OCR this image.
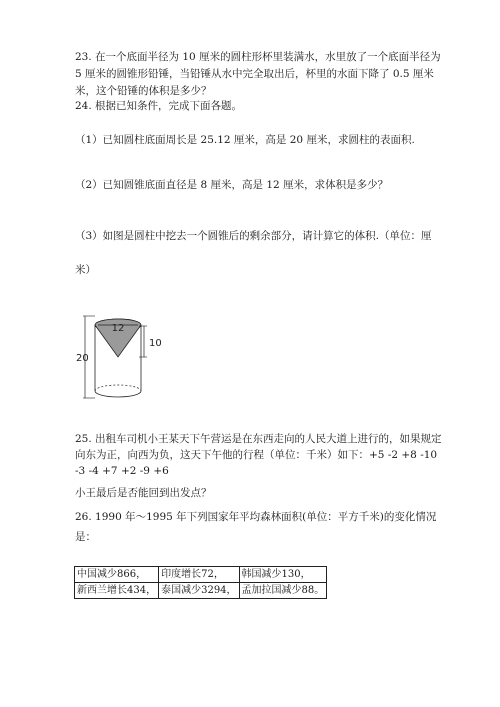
23. 在一个底面半径为 10 厘米的圆柱形杯里装满水，水里放了一个底面半径为
5 厘米的圆锥形铅锤，当铅锤从水中完全取出后，杯里的水面下降了 0.5 厘米
米，这个铅锤的体积是多少？
24. 根据已知条件，完成下面各题。
（1）已知圆柱底面周长是 25.12 厘米，高是 20 厘米，求圆柱的表面积.
（2）已知圆锥底面直径是 8 厘米，高是 12 厘米，求体积是多少？
（3）如图是圆柱中挖去一个圆锥后的剩余部分，请计算它的体积.（单位：厘
米）
12
20
10
25. 出租车司机小王某天下午营运是在东西走向的人民大道上进行的，如果规定
向东为正，向西为负，这天下午他的行程（单位：千米）如下：+5 -2 +8 -10
-3 -4 +7 +2 -9 +6
小王最后是否能回到出发点？
26. 1990 年～1995 年下列国家年平均森林面积(单位：平方千米)的变化情况
是：
中国减少866，	印度增长72，	韩国减少130，
新西兰增长434，	泰国减少3294，	孟加拉国减少88。
